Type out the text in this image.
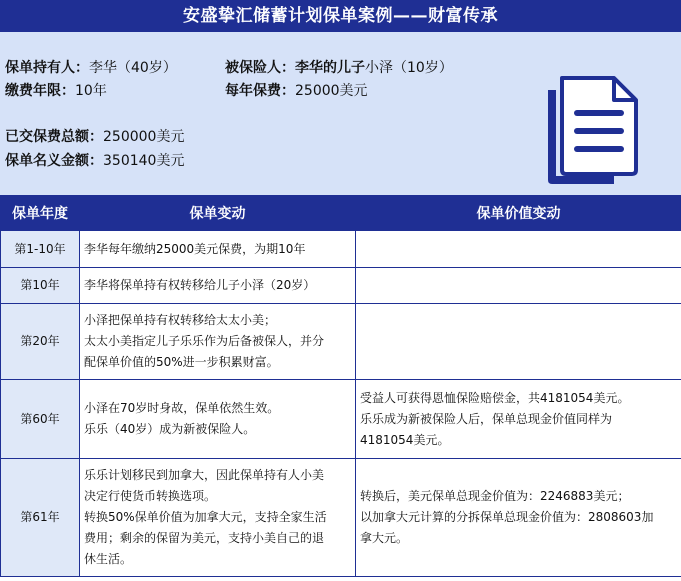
安盛挚汇储蓄计划保单案例——财富传承
保单持有人：李华（40岁）	被保险人：李华的儿子小泽（10岁）
缴费年限：10年	每年保费：25000美元
已交保费总额：250000美元
保单名义金额：350140美元
保单年度	保单变动	保单价值变动
第1-10年	李华每年缴纳25000美元保费，为期10年	

第10年	李华将保单持有权转移给儿子小泽（20岁）	

第20年	小泽把保单持有权转移给太太小美；
太太小美指定儿子乐乐作为后备被保人，并分
配保单价值的50%进一步积累财富。	

第60年	小泽在70岁时身故，保单依然生效。
乐乐（40岁）成为新被保险人。	受益人可获得恩恤保险赔偿金，共4181054美元。
乐乐成为新被保险人后，保单总现金价值同样为
4181054美元。

第61年	乐乐计划移民到加拿大，因此保单持有人小美
决定行使货币转换选项。
转换50%保单价值为加拿大元，支持全家生活
费用；剩余的保留为美元，支持小美自己的退
休生活。	转换后，美元保单总现金价值为：2246883美元；
以加拿大元计算的分拆保单总现金价值为：2808603加
拿大元。
